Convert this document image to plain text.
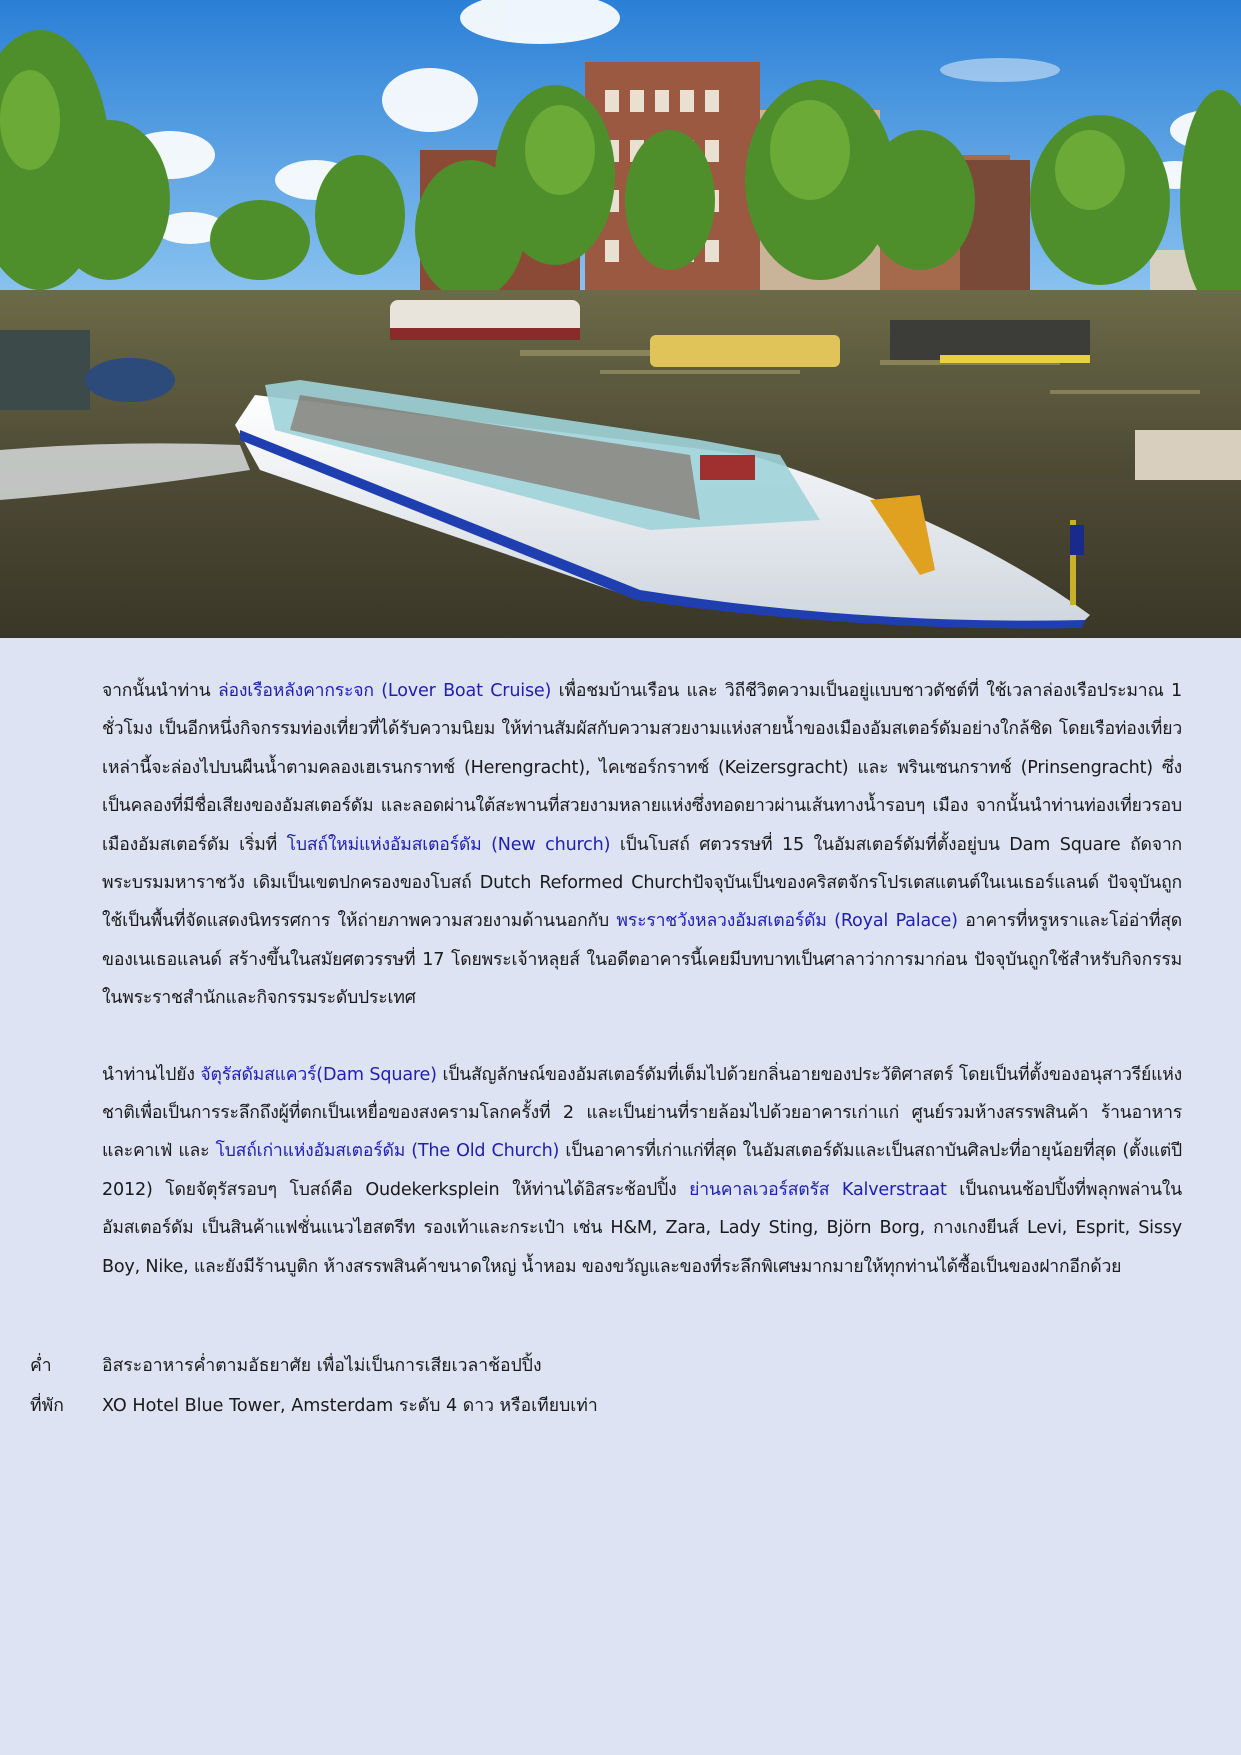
จากนั้นนำท่าน ล่องเรือหลังคากระจก (Lover Boat Cruise) เพื่อชมบ้านเรือน และ วิถีชีวิตความเป็นอยู่แบบชาวดัชต์ที่ ใช้เวลาล่องเรือประมาณ 1 ชั่วโมง เป็นอีกหนึ่งกิจกรรมท่องเที่ยวที่ได้รับความนิยม ให้ท่านสัมผัสกับความสวยงามแห่งสายน้ำของเมืองอัมสเตอร์ดัมอย่างใกล้ชิด โดยเรือท่องเที่ยวเหล่านี้จะล่องไปบนผืนน้ำตามคลองเฮเรนกราทช์ (Herengracht), ไคเซอร์กราทช์ (Keizersgracht) และ พรินเซนกราทช์ (Prinsengracht) ซึ่งเป็นคลองที่มีชื่อเสียงของอัมสเตอร์ดัม และลอดผ่านใต้สะพานที่สวยงามหลายแห่งซึ่งทอดยาวผ่านเส้นทางน้ำรอบๆ เมือง จากนั้นนำท่านท่องเที่ยวรอบเมืองอัมสเตอร์ดัม เริ่มที่ โบสถ์ใหม่แห่งอัมสเตอร์ดัม (New church) เป็นโบสถ์ ศตวรรษที่ 15 ในอัมสเตอร์ดัมที่ตั้งอยู่บน Dam Square ถัดจากพระบรมมหาราชวัง เดิมเป็นเขตปกครองของโบสถ์ Dutch Reformed Churchปัจจุบันเป็นของคริสตจักรโปรเตสแตนต์ในเนเธอร์แลนด์ ปัจจุบันถูกใช้เป็นพื้นที่จัดแสดงนิทรรศการ ให้ถ่ายภาพความสวยงามด้านนอกกับ พระราชวังหลวงอัมสเตอร์ดัม (Royal Palace) อาคารที่หรูหราและโอ่อ่าที่สุดของเนเธอแลนด์ สร้างขึ้นในสมัยศตวรรษที่ 17 โดยพระเจ้าหลุยส์ ในอดีตอาคารนี้เคยมีบทบาทเป็นศาลาว่าการมาก่อน ปัจจุบันถูกใช้สำหรับกิจกรรมในพระราชสำนักและกิจกรรมระดับประเทศ

นำท่านไปยัง จัตุรัสดัมสแควร์(Dam Square) เป็นสัญลักษณ์ของอัมสเตอร์ดัมที่เต็มไปด้วยกลิ่นอายของประวัติศาสตร์ โดยเป็นที่ตั้งของอนุสาวรีย์แห่งชาติเพื่อเป็นการระลึกถึงผู้ที่ตกเป็นเหยื่อของสงครามโลกครั้งที่ 2 และเป็นย่านที่รายล้อมไปด้วยอาคารเก่าแก่ ศูนย์รวมห้างสรรพสินค้า ร้านอาหาร และคาเฟ่ และ โบสถ์เก่าแห่งอัมสเตอร์ดัม (The Old Church) เป็นอาคารที่เก่าแก่ที่สุด ในอัมสเตอร์ดัมและเป็นสถาบันศิลปะที่อายุน้อยที่สุด (ตั้งแต่ปี 2012) โดยจัตุรัสรอบๆ โบสถ์คือ Oudekerksplein ให้ท่านได้อิสระช้อปปิ้ง ย่านคาลเวอร์สตรัส Kalverstraat เป็นถนนช้อปปิ้งที่พลุกพล่านในอัมสเตอร์ดัม เป็นสินค้าแฟชั่นแนวไฮสตรีท รองเท้าและกระเป๋า เช่น H&M, Zara, Lady Sting, Björn Borg, กางเกงยีนส์ Levi, Esprit, Sissy Boy, Nike, และยังมีร้านบูติก ห้างสรรพสินค้าขนาดใหญ่ น้ำหอม ของขวัญและของที่ระลึกพิเศษมากมายให้ทุกท่านได้ซื้อเป็นของฝากอีกด้วย

ค่ำ	อิสระอาหารค่ำตามอัธยาศัย เพื่อไม่เป็นการเสียเวลาช้อปปิ้ง
ที่พัก	XO Hotel Blue Tower, Amsterdam ระดับ 4 ดาว หรือเทียบเท่า
